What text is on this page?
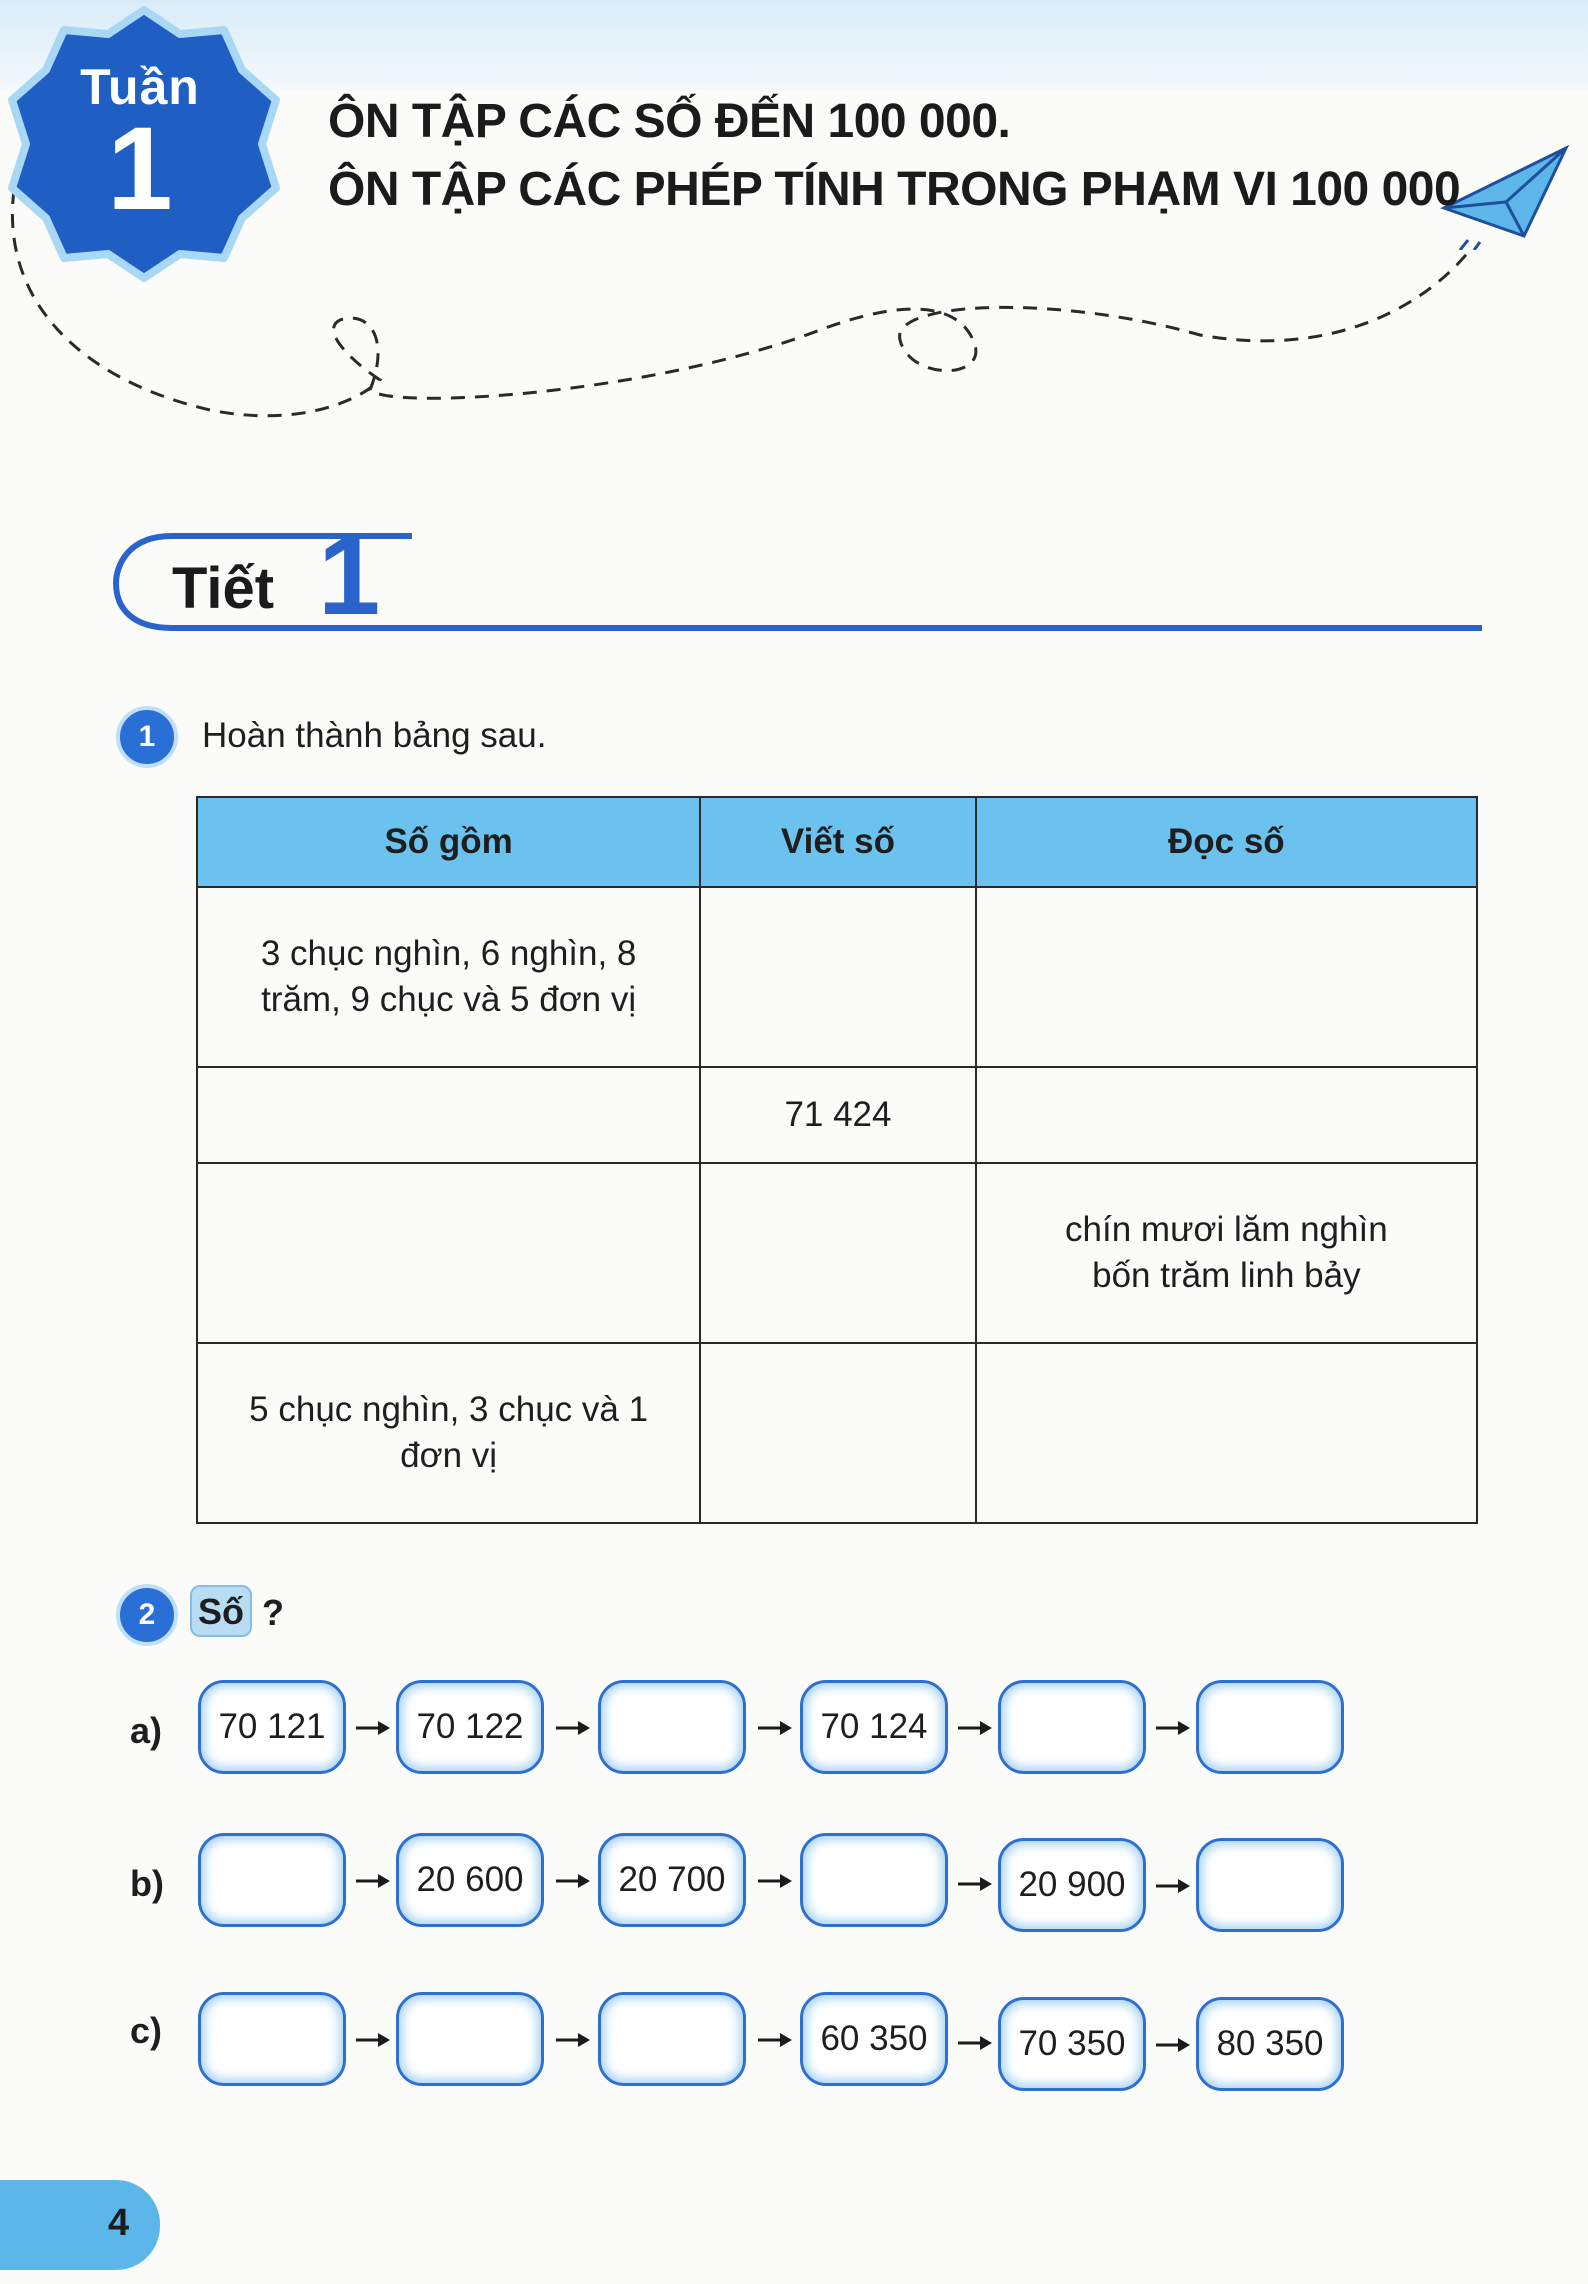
Tuần
1	ÔN TẬP CÁC SỐ ĐẾN 100 000.
ÔN TẬP CÁC PHÉP TÍNH TRONG PHẠM VI 100 000
Tiết 1
1	Hoàn thành bảng sau.
Số gồm	Viết số	Đọc số
3 chục nghìn, 6 nghìn, 8 trăm, 9 chục và 5 đơn vị		
	71 424	
		chín mươi lăm nghìn bốn trăm linh bảy
5 chục nghìn, 3 chục và 1 đơn vị		
2	Số ?
a)
b)
c)
70 121	70 122	70 124
20 600	20 700	20 900
60 350	70 350	80 350
4
